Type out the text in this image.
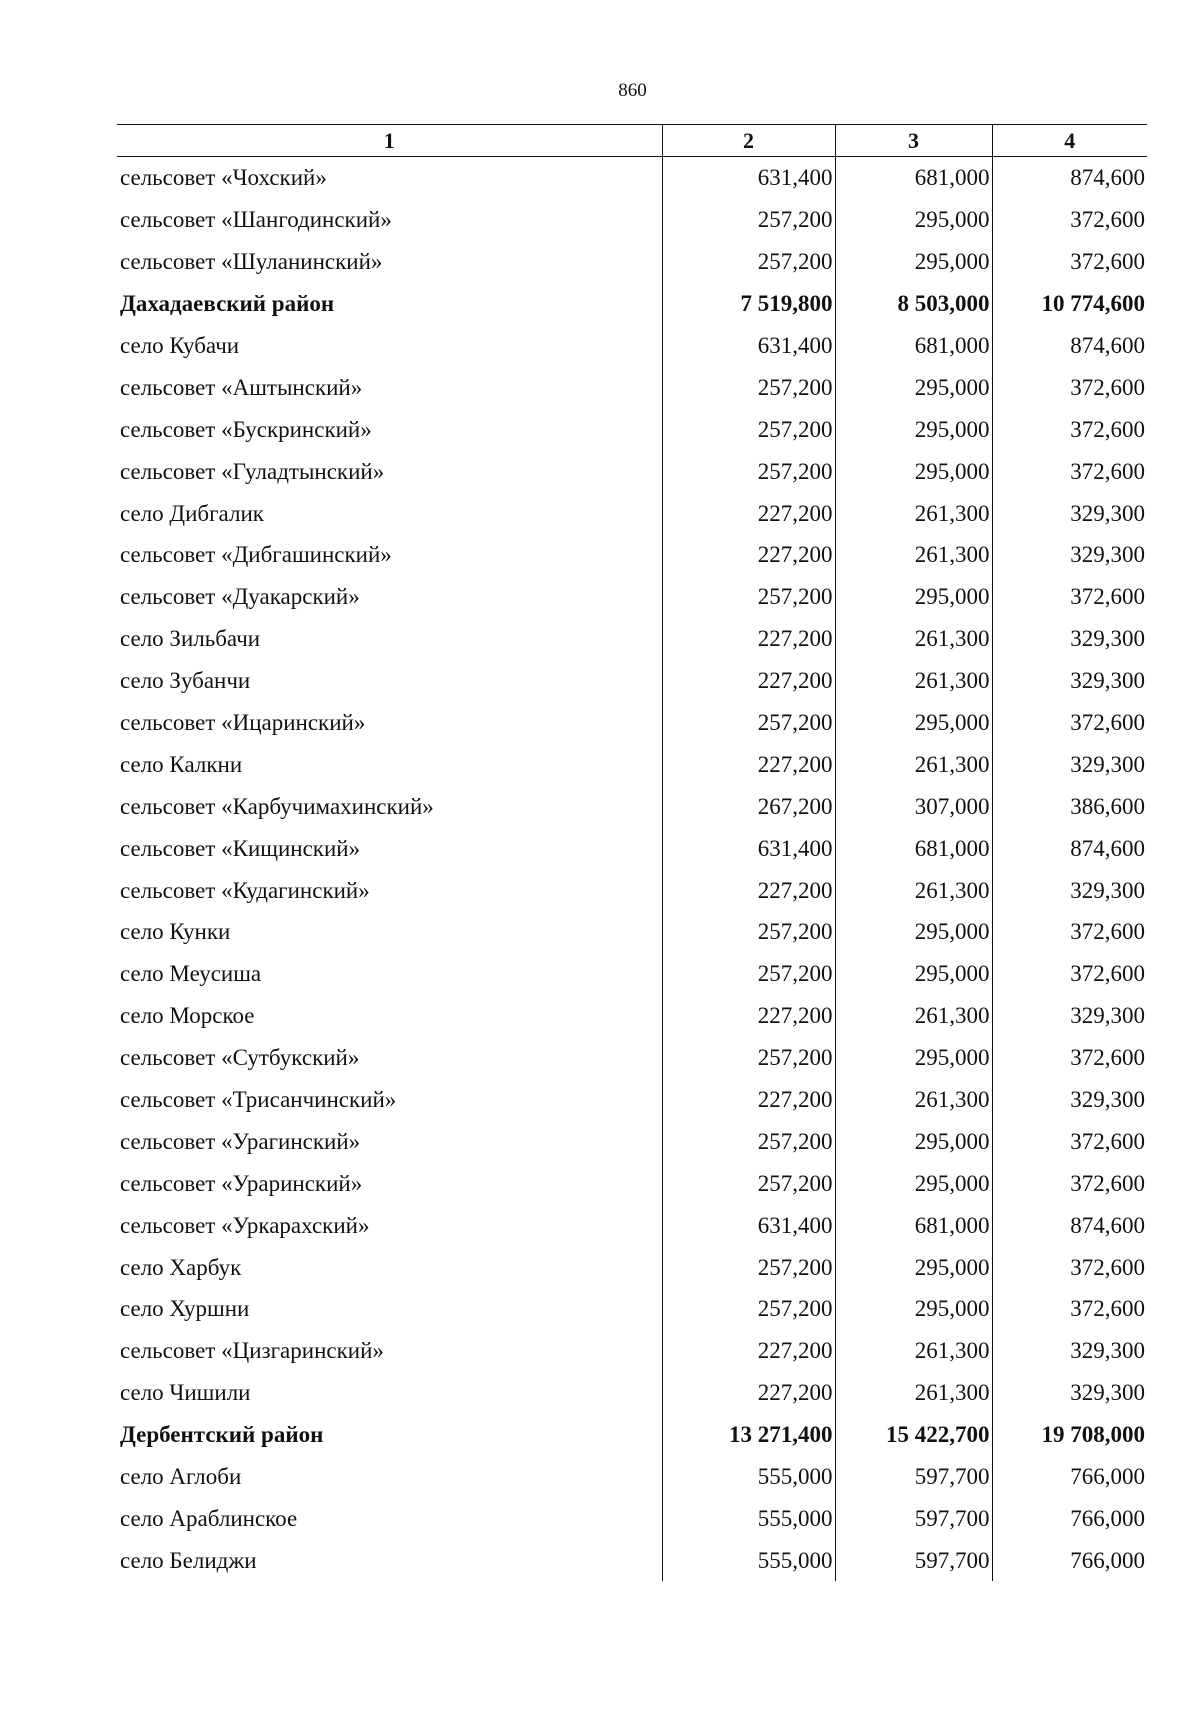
860
1	2	3	4
сельсовет «Чохский»	631,400	681,000	874,600
сельсовет «Шангодинский»	257,200	295,000	372,600
сельсовет «Шуланинский»	257,200	295,000	372,600
Дахадаевский район	7 519,800	8 503,000	10 774,600
село Кубачи	631,400	681,000	874,600
сельсовет «Аштынский»	257,200	295,000	372,600
сельсовет «Бускринский»	257,200	295,000	372,600
сельсовет «Гуладтынский»	257,200	295,000	372,600
село Дибгалик	227,200	261,300	329,300
сельсовет «Дибгашинский»	227,200	261,300	329,300
сельсовет «Дуакарский»	257,200	295,000	372,600
село Зильбачи	227,200	261,300	329,300
село Зубанчи	227,200	261,300	329,300
сельсовет «Ицаринский»	257,200	295,000	372,600
село Калкни	227,200	261,300	329,300
сельсовет «Карбучимахинский»	267,200	307,000	386,600
сельсовет «Кищинский»	631,400	681,000	874,600
сельсовет «Кудагинский»	227,200	261,300	329,300
село Кунки	257,200	295,000	372,600
село Меусиша	257,200	295,000	372,600
село Морское	227,200	261,300	329,300
сельсовет «Сутбукский»	257,200	295,000	372,600
сельсовет «Трисанчинский»	227,200	261,300	329,300
сельсовет «Урагинский»	257,200	295,000	372,600
сельсовет «Ураринский»	257,200	295,000	372,600
сельсовет «Уркарахский»	631,400	681,000	874,600
село Харбук	257,200	295,000	372,600
село Хуршни	257,200	295,000	372,600
сельсовет «Цизгаринский»	227,200	261,300	329,300
село Чишили	227,200	261,300	329,300
Дербентский район	13 271,400	15 422,700	19 708,000
село Аглоби	555,000	597,700	766,000
село Араблинское	555,000	597,700	766,000
село Белиджи	555,000	597,700	766,000
